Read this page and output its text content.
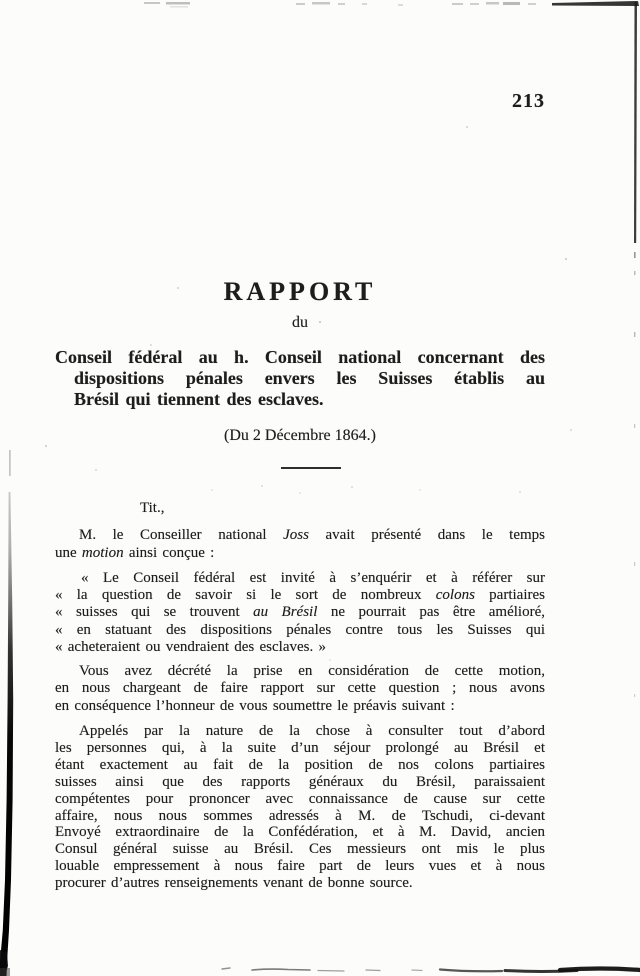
213
RAPPORT
du
Conseil fédéral au h. Conseil national concernant des
dispositions pénales envers les Suisses établis au
Brésil qui tiennent des esclaves.
(Du 2 Décembre 1864.)
Tit.,
M. le Conseiller national Joss avait présenté dans le temps
une motion ainsi conçue :
« Le Conseil fédéral est invité à s’enquérir et à référer sur
« la question de savoir si le sort de nombreux colons partiaires
« suisses qui se trouvent au Brésil ne pourrait pas être amélioré,
« en statuant des dispositions pénales contre tous les Suisses qui
« acheteraient ou vendraient des esclaves. »
Vous avez décrété la prise en considération de cette motion,
en nous chargeant de faire rapport sur cette question ; nous avons
en conséquence l’honneur de vous soumettre le préavis suivant :
Appelés par la nature de la chose à consulter tout d’abord
les personnes qui, à la suite d’un séjour prolongé au Brésil et
étant exactement au fait de la position de nos colons partiaires
suisses ainsi que des rapports généraux du Brésil, paraissaient
compétentes pour prononcer avec connaissance de cause sur cette
affaire, nous nous sommes adressés à M. de Tschudi, ci-devant
Envoyé extraordinaire de la Confédération, et à M. David, ancien
Consul général suisse au Brésil. Ces messieurs ont mis le plus
louable empressement à nous faire part de leurs vues et à nous
procurer d’autres renseignements venant de bonne source.
